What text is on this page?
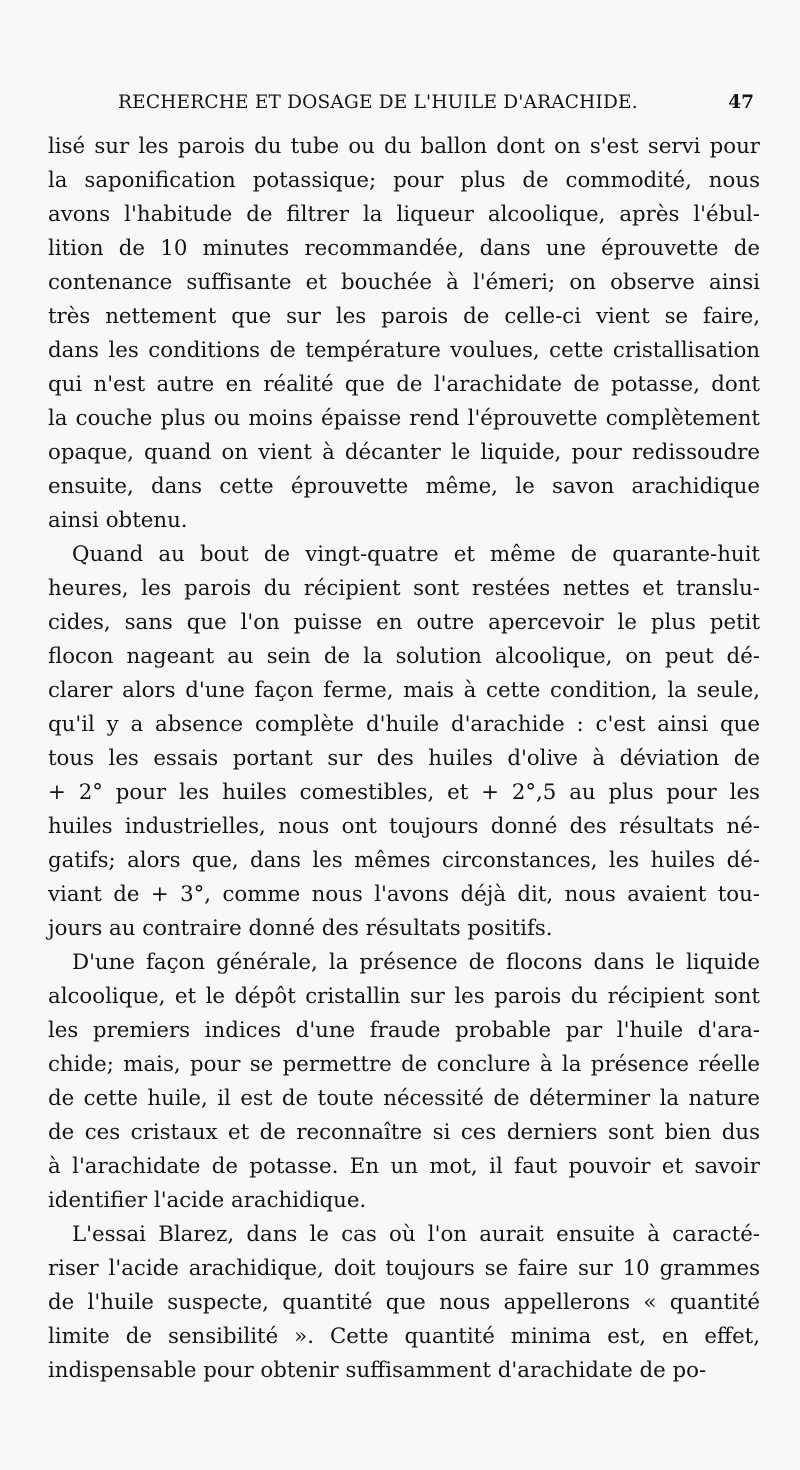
RECHERCHE ET DOSAGE DE L'HUILE D'ARACHIDE.	47
lisé sur les parois du tube ou du ballon dont on s'est servi pour
la saponification potassique; pour plus de commodité, nous
avons l'habitude de filtrer la liqueur alcoolique, après l'ébul-
lition de 10 minutes recommandée, dans une éprouvette de
contenance suffisante et bouchée à l'émeri; on observe ainsi
très nettement que sur les parois de celle-ci vient se faire,
dans les conditions de température voulues, cette cristallisation
qui n'est autre en réalité que de l'arachidate de potasse, dont
la couche plus ou moins épaisse rend l'éprouvette complètement
opaque, quand on vient à décanter le liquide, pour redissoudre
ensuite, dans cette éprouvette même, le savon arachidique
ainsi obtenu.
Quand au bout de vingt-quatre et même de quarante-huit
heures, les parois du récipient sont restées nettes et translu-
cides, sans que l'on puisse en outre apercevoir le plus petit
flocon nageant au sein de la solution alcoolique, on peut dé-
clarer alors d'une façon ferme, mais à cette condition, la seule,
qu'il y a absence complète d'huile d'arachide : c'est ainsi que
tous les essais portant sur des huiles d'olive à déviation de
+ 2° pour les huiles comestibles, et + 2°,5 au plus pour les
huiles industrielles, nous ont toujours donné des résultats né-
gatifs; alors que, dans les mêmes circonstances, les huiles dé-
viant de + 3°, comme nous l'avons déjà dit, nous avaient tou-
jours au contraire donné des résultats positifs.
D'une façon générale, la présence de flocons dans le liquide
alcoolique, et le dépôt cristallin sur les parois du récipient sont
les premiers indices d'une fraude probable par l'huile d'ara-
chide; mais, pour se permettre de conclure à la présence réelle
de cette huile, il est de toute nécessité de déterminer la nature
de ces cristaux et de reconnaître si ces derniers sont bien dus
à l'arachidate de potasse. En un mot, il faut pouvoir et savoir
identifier l'acide arachidique.
L'essai Blarez, dans le cas où l'on aurait ensuite à caracté-
riser l'acide arachidique, doit toujours se faire sur 10 grammes
de l'huile suspecte, quantité que nous appellerons « quantité
limite de sensibilité ». Cette quantité minima est, en effet,
indispensable pour obtenir suffisamment d'arachidate de po-
